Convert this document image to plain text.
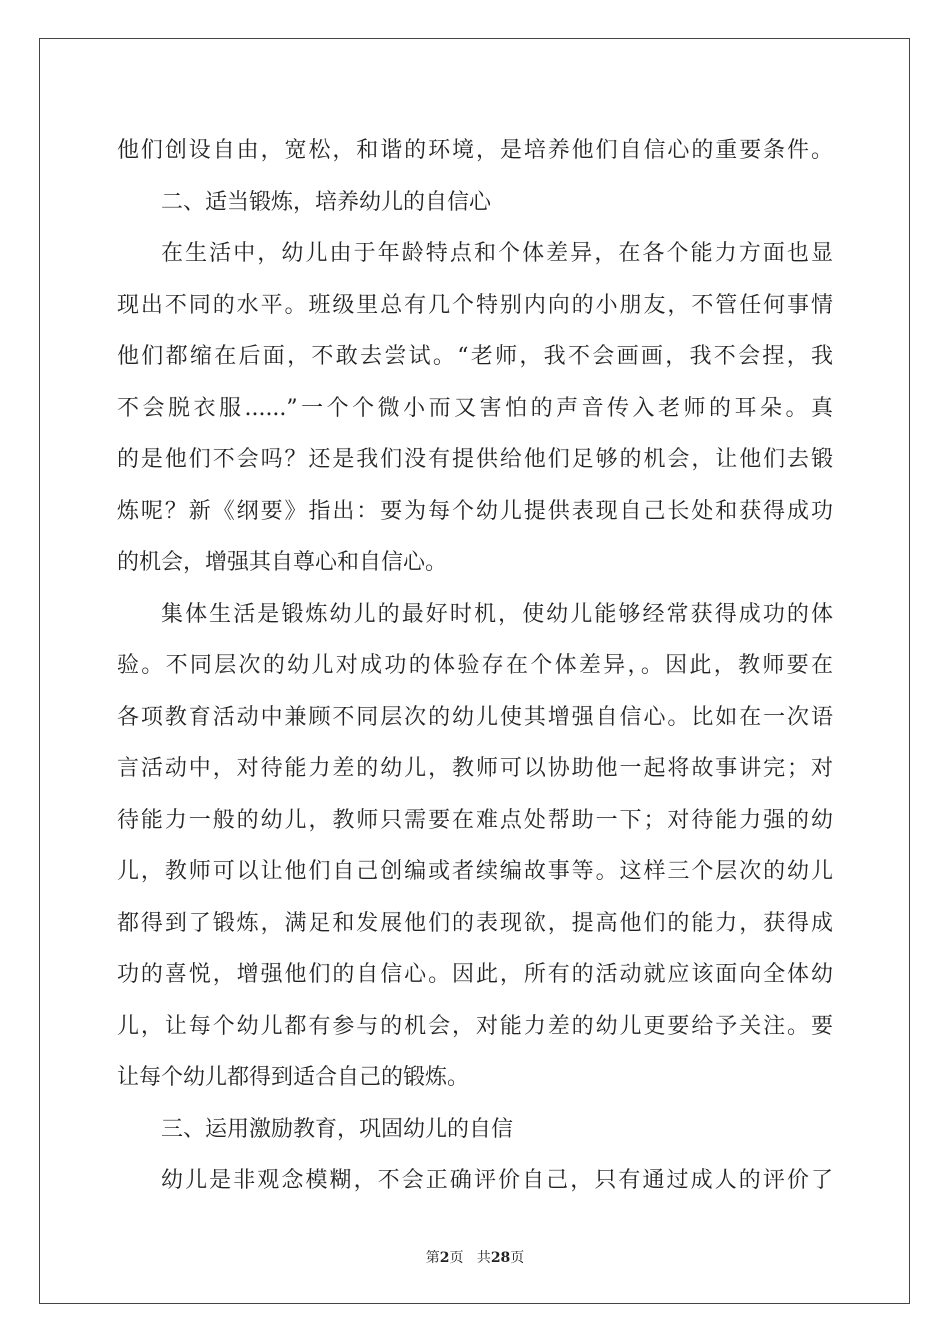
他们创设自由，宽松，和谐的环境，是培养他们自信心的重要条件。
二、适当锻炼，培养幼儿的自信心
在生活中，幼儿由于年龄特点和个体差异，在各个能力方面也显
现出不同的水平。班级里总有几个特别内向的小朋友，不管任何事情
他们都缩在后面，不敢去尝试。“老师，我不会画画，我不会捏，我
不会脱衣服......”一个个微小而又害怕的声音传入老师的耳朵。真
的是他们不会吗？还是我们没有提供给他们足够的机会，让他们去锻
炼呢？新《纲要》指出：要为每个幼儿提供表现自己长处和获得成功
的机会，增强其自尊心和自信心。
集体生活是锻炼幼儿的最好时机，使幼儿能够经常获得成功的体
验。不同层次的幼儿对成功的体验存在个体差异，。因此，教师要在
各项教育活动中兼顾不同层次的幼儿使其增强自信心。比如在一次语
言活动中，对待能力差的幼儿，教师可以协助他一起将故事讲完；对
待能力一般的幼儿，教师只需要在难点处帮助一下；对待能力强的幼
儿，教师可以让他们自己创编或者续编故事等。这样三个层次的幼儿
都得到了锻炼，满足和发展他们的表现欲，提高他们的能力，获得成
功的喜悦，增强他们的自信心。因此，所有的活动就应该面向全体幼
儿，让每个幼儿都有参与的机会，对能力差的幼儿更要给予关注。要
让每个幼儿都得到适合自己的锻炼。
三、运用激励教育，巩固幼儿的自信
幼儿是非观念模糊，不会正确评价自己，只有通过成人的评价了
第2页 共28页
